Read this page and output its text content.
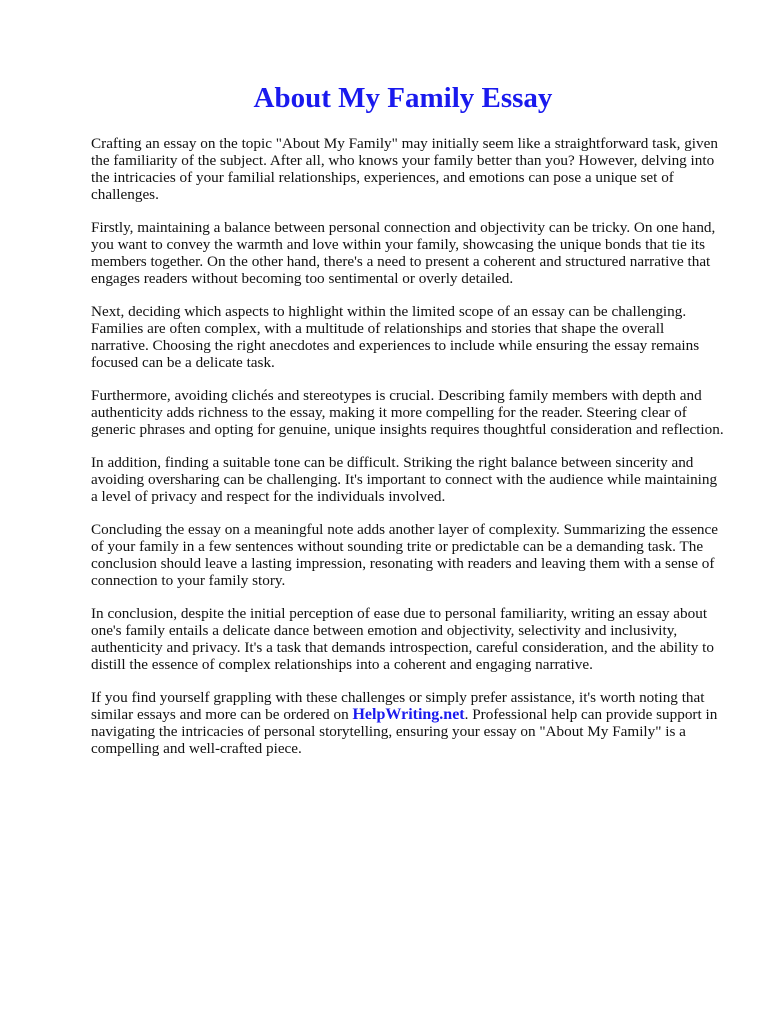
About My Family Essay

Crafting an essay on the topic "About My Family" may initially seem like a straightforward task, given the familiarity of the subject. After all, who knows your family better than you? However, delving into the intricacies of your familial relationships, experiences, and emotions can pose a unique set of challenges.

Firstly, maintaining a balance between personal connection and objectivity can be tricky. On one hand, you want to convey the warmth and love within your family, showcasing the unique bonds that tie its members together. On the other hand, there's a need to present a coherent and structured narrative that engages readers without becoming too sentimental or overly detailed.

Next, deciding which aspects to highlight within the limited scope of an essay can be challenging. Families are often complex, with a multitude of relationships and stories that shape the overall narrative. Choosing the right anecdotes and experiences to include while ensuring the essay remains focused can be a delicate task.

Furthermore, avoiding clichés and stereotypes is crucial. Describing family members with depth and authenticity adds richness to the essay, making it more compelling for the reader. Steering clear of generic phrases and opting for genuine, unique insights requires thoughtful consideration and reflection.

In addition, finding a suitable tone can be difficult. Striking the right balance between sincerity and avoiding oversharing can be challenging. It's important to connect with the audience while maintaining a level of privacy and respect for the individuals involved.

Concluding the essay on a meaningful note adds another layer of complexity. Summarizing the essence of your family in a few sentences without sounding trite or predictable can be a demanding task. The conclusion should leave a lasting impression, resonating with readers and leaving them with a sense of connection to your family story.

In conclusion, despite the initial perception of ease due to personal familiarity, writing an essay about one's family entails a delicate dance between emotion and objectivity, selectivity and inclusivity, authenticity and privacy. It's a task that demands introspection, careful consideration, and the ability to distill the essence of complex relationships into a coherent and engaging narrative.

If you find yourself grappling with these challenges or simply prefer assistance, it's worth noting that similar essays and more can be ordered on HelpWriting.net. Professional help can provide support in navigating the intricacies of personal storytelling, ensuring your essay on "About My Family" is a compelling and well-crafted piece.
